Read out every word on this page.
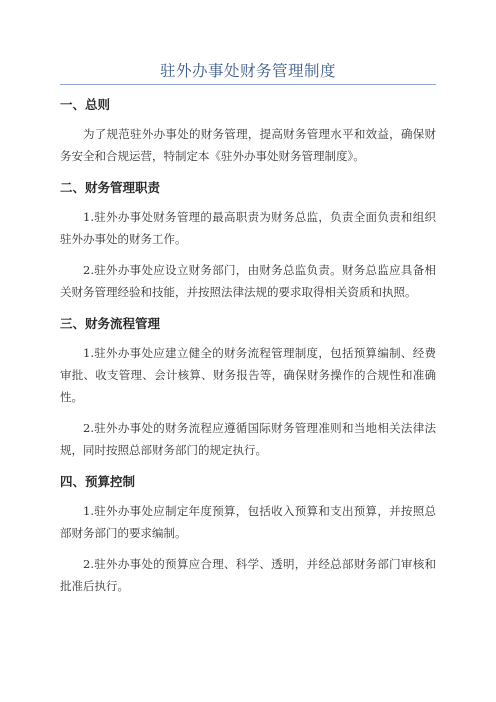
驻外办事处财务管理制度
一、总则

为了规范驻外办事处的财务管理，提高财务管理水平和效益，确保财务安全和合规运营，特制定本《驻外办事处财务管理制度》。

二、财务管理职责

1.驻外办事处财务管理的最高职责为财务总监，负责全面负责和组织驻外办事处的财务工作。

2.驻外办事处应设立财务部门，由财务总监负责。财务总监应具备相关财务管理经验和技能，并按照法律法规的要求取得相关资质和执照。

三、财务流程管理

1.驻外办事处应建立健全的财务流程管理制度，包括预算编制、经费审批、收支管理、会计核算、财务报告等，确保财务操作的合规性和准确性。

2.驻外办事处的财务流程应遵循国际财务管理准则和当地相关法律法规，同时按照总部财务部门的规定执行。

四、预算控制

1.驻外办事处应制定年度预算，包括收入预算和支出预算，并按照总部财务部门的要求编制。

2.驻外办事处的预算应合理、科学、透明，并经总部财务部门审核和批准后执行。
